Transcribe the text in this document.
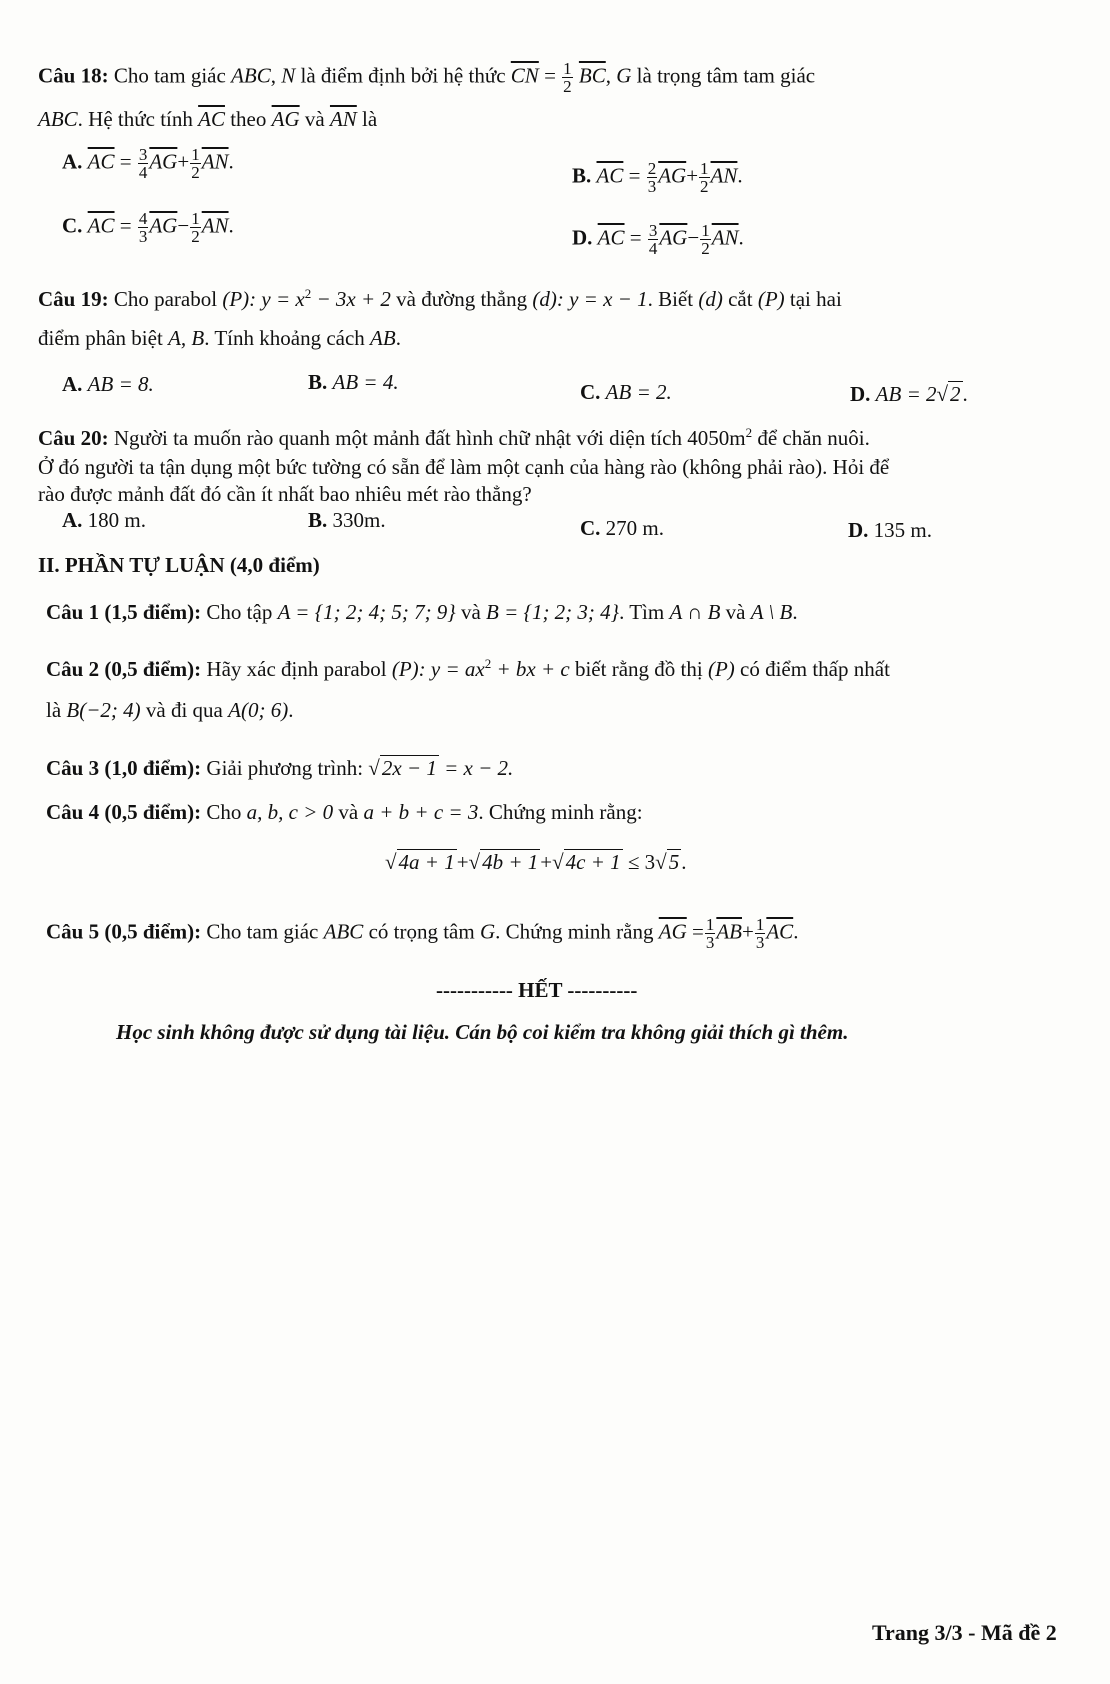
Câu 18: Cho tam giác ABC, N là điểm định bởi hệ thức $\overline{CN} = \frac{1}{2} \overline{BC}$, G là trọng tâm tam giác
ABC. Hệ thức tính $\overline{AC}$ theo $\overline{AG}$ và $\overline{AN}$ là
A. $\overline{AC} = \frac{3}{4} \overline{AG}+ \frac{1}{2} \overline{AN}$.
B. $\overline{AC} = \frac{2}{3} \overline{AG}+ \frac{1}{2} \overline{AN}$.
C. $\overline{AC} = \frac{4}{3} \overline{AG}- \frac{1}{2} \overline{AN}$.	D. $\overline{AC} = \frac{3}{4} \overline{AG}- \frac{1}{2} \overline{AN}$.
Câu 19: Cho parabol (P): $y = x^2 - 3x + 2$ và đường thẳng (d): y = x − 1. Biết (d) cắt (P) tại hai
điểm phân biệt A, B. Tính khoảng cách AB.
A. AB = 8.	B. AB = 4.	C. AB = 2.	D. AB = 2√2.
Câu 20: Người ta muốn rào quanh một mảnh đất hình chữ nhật với diện tích $4050m^2$ để chăn nuôi.
Ở đó người ta tận dụng một bức tường có sẵn để làm một cạnh của hàng rào (không phải rào). Hỏi để
rào được mảnh đất đó cần ít nhất bao nhiêu mét rào thẳng?
A. 180 m.	B. 330m.	C. 270 m.	D. 135 m.
II. PHẦN TỰ LUẬN (4,0 điểm)
Câu 1 (1,5 điểm): Cho tập A = {1; 2; 4; 5; 7; 9} và B = {1; 2; 3; 4}. Tìm A ∩ B và A \ B.
Câu 2 (0,5 điểm): Hãy xác định parabol (P): $y = ax^2$ + bx + c biết rằng đồ thị (P) có điểm thấp nhất
là B(−2; 4) và đi qua A(0; 6).
Câu 3 (1,0 điểm): Giải phương trình: √2x − 1 = x − 2.
Câu 4 (0,5 điểm): Cho a, b, c > 0 và a + b + c = 3. Chứng minh rằng:
√4a + 1+√4b + 1+√4c + 1 ≤ 3√5.
Câu 5 (0,5 điểm): Cho tam giác ABC có trọng tâm G. Chứng minh rằng $\overline{AG} = \frac{1}{3} \overline{AB}+ \frac{1}{3} \overline{AC}$.
----------- HẾT ----------
Học sinh không được sử dụng tài liệu. Cán bộ coi kiểm tra không giải thích gì thêm.
Trang 3/3 - Mã đề 2
